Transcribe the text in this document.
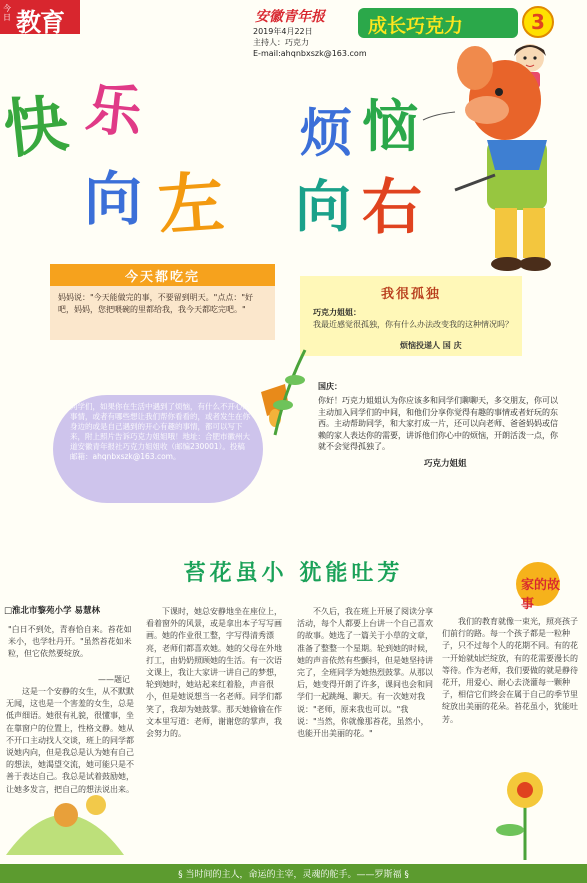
今日 教育	安徽青年报
2019年4月22日
主持人：巧克力
E-mail:ahqnbxszk@163.com
成长巧克力	3
快 乐
向 左
烦 恼
向 右
今天都吃完
妈妈说："今天能做完的事，不要留到明天。"点点："好吧，妈妈，您把喂碗的里都给我，我今天都吃完吧。"
我很孤独
巧克力姐姐：
我最近感觉很孤独，你有什么办法改变我的这种情况吗？
烦恼投递人 国 庆
国庆：
你好！巧克力姐姐认为你应该多和同学们聊聊天，多交朋友，你可以主动加入同学们的中间，和他们分享你觉得有趣的事情或者好玩的东西。主动帮助同学，和大家打成一片，还可以向老师、爸爸妈妈或信赖的家人表达你的需要，讲诉他们你心中的烦恼，开朗活泼一点，你就不会觉得孤独了。
巧克力姐姐
同学们，如果你在生活中遇到了烦恼，有什么不开心的事情，或者有哪些想让我们帮你看看的，或者发生在你身边的或是自己遇到的开心有趣的事情，都可以写下来，附上照片告诉巧克力姐姐哦！地址：合肥市徽州大道安徽青年报社巧克力姐姐收（邮编230001）。投稿邮箱：ahqnbxszk@163.com。
苔花虽小 犹能吐芳	家的故事
□淮北市黎苑小学 易慧林
"白日不到处，青春恰自来。苔花如米小，也学牡丹开。"虽然苔花如米粒，但它依然要绽放。
——题记
这是一个安静的女生，从不默默无闻，这也是一个害羞的女生，总是低声细语。她很有礼貌，很懂事，坐在靠窗户的位置上，性格文静。她从不开口主动找人交谈，班上的同学都说她内向，但是我总是认为她有自己的想法，她渴望交流，她可能只是不善于表达自己。我总是试着鼓励她，让她多发言，把自己的想法说出来。
下课时，她总安静地坐在座位上，看着窗外的风景，或是拿出本子写写画画。她的作业很工整，字写得清秀漂亮，老师们都喜欢她。她的父母在外地打工，由奶奶照顾她的生活。有一次语文课上，我让大家讲一讲自己的梦想，轮到她时，她站起来红着脸，声音很小，但是她说想当一名老师。同学们都笑了，我却为她鼓掌。那天她偷偷在作文本里写道：老师，谢谢您的掌声，我会努力的。
不久后，我在班上开展了阅读分享活动，每个人都要上台讲一个自己喜欢的故事。她选了一篇关于小草的文章，准备了整整一个星期。轮到她的时候，她的声音依然有些颤抖，但是她坚持讲完了，全班同学为她热烈鼓掌。从那以后，她变得开朗了许多，课间也会和同学们一起跳绳、聊天。有一次她对我说："老师，原来我也可以。"我说："当然，你就像那苔花，虽然小，也能开出美丽的花。"
我们的教育就像一束光，照亮孩子们前行的路。每一个孩子都是一粒种子，只不过每个人的花期不同。有的花一开始就灿烂绽放，有的花需要漫长的等待。作为老师，我们要做的就是静待花开，用爱心、耐心去浇灌每一颗种子，相信它们终会在属于自己的季节里绽放出美丽的花朵。苔花虽小，犹能吐芳。
§ 当时间的主人，命运的主宰，灵魂的舵手。——罗斯福 §
